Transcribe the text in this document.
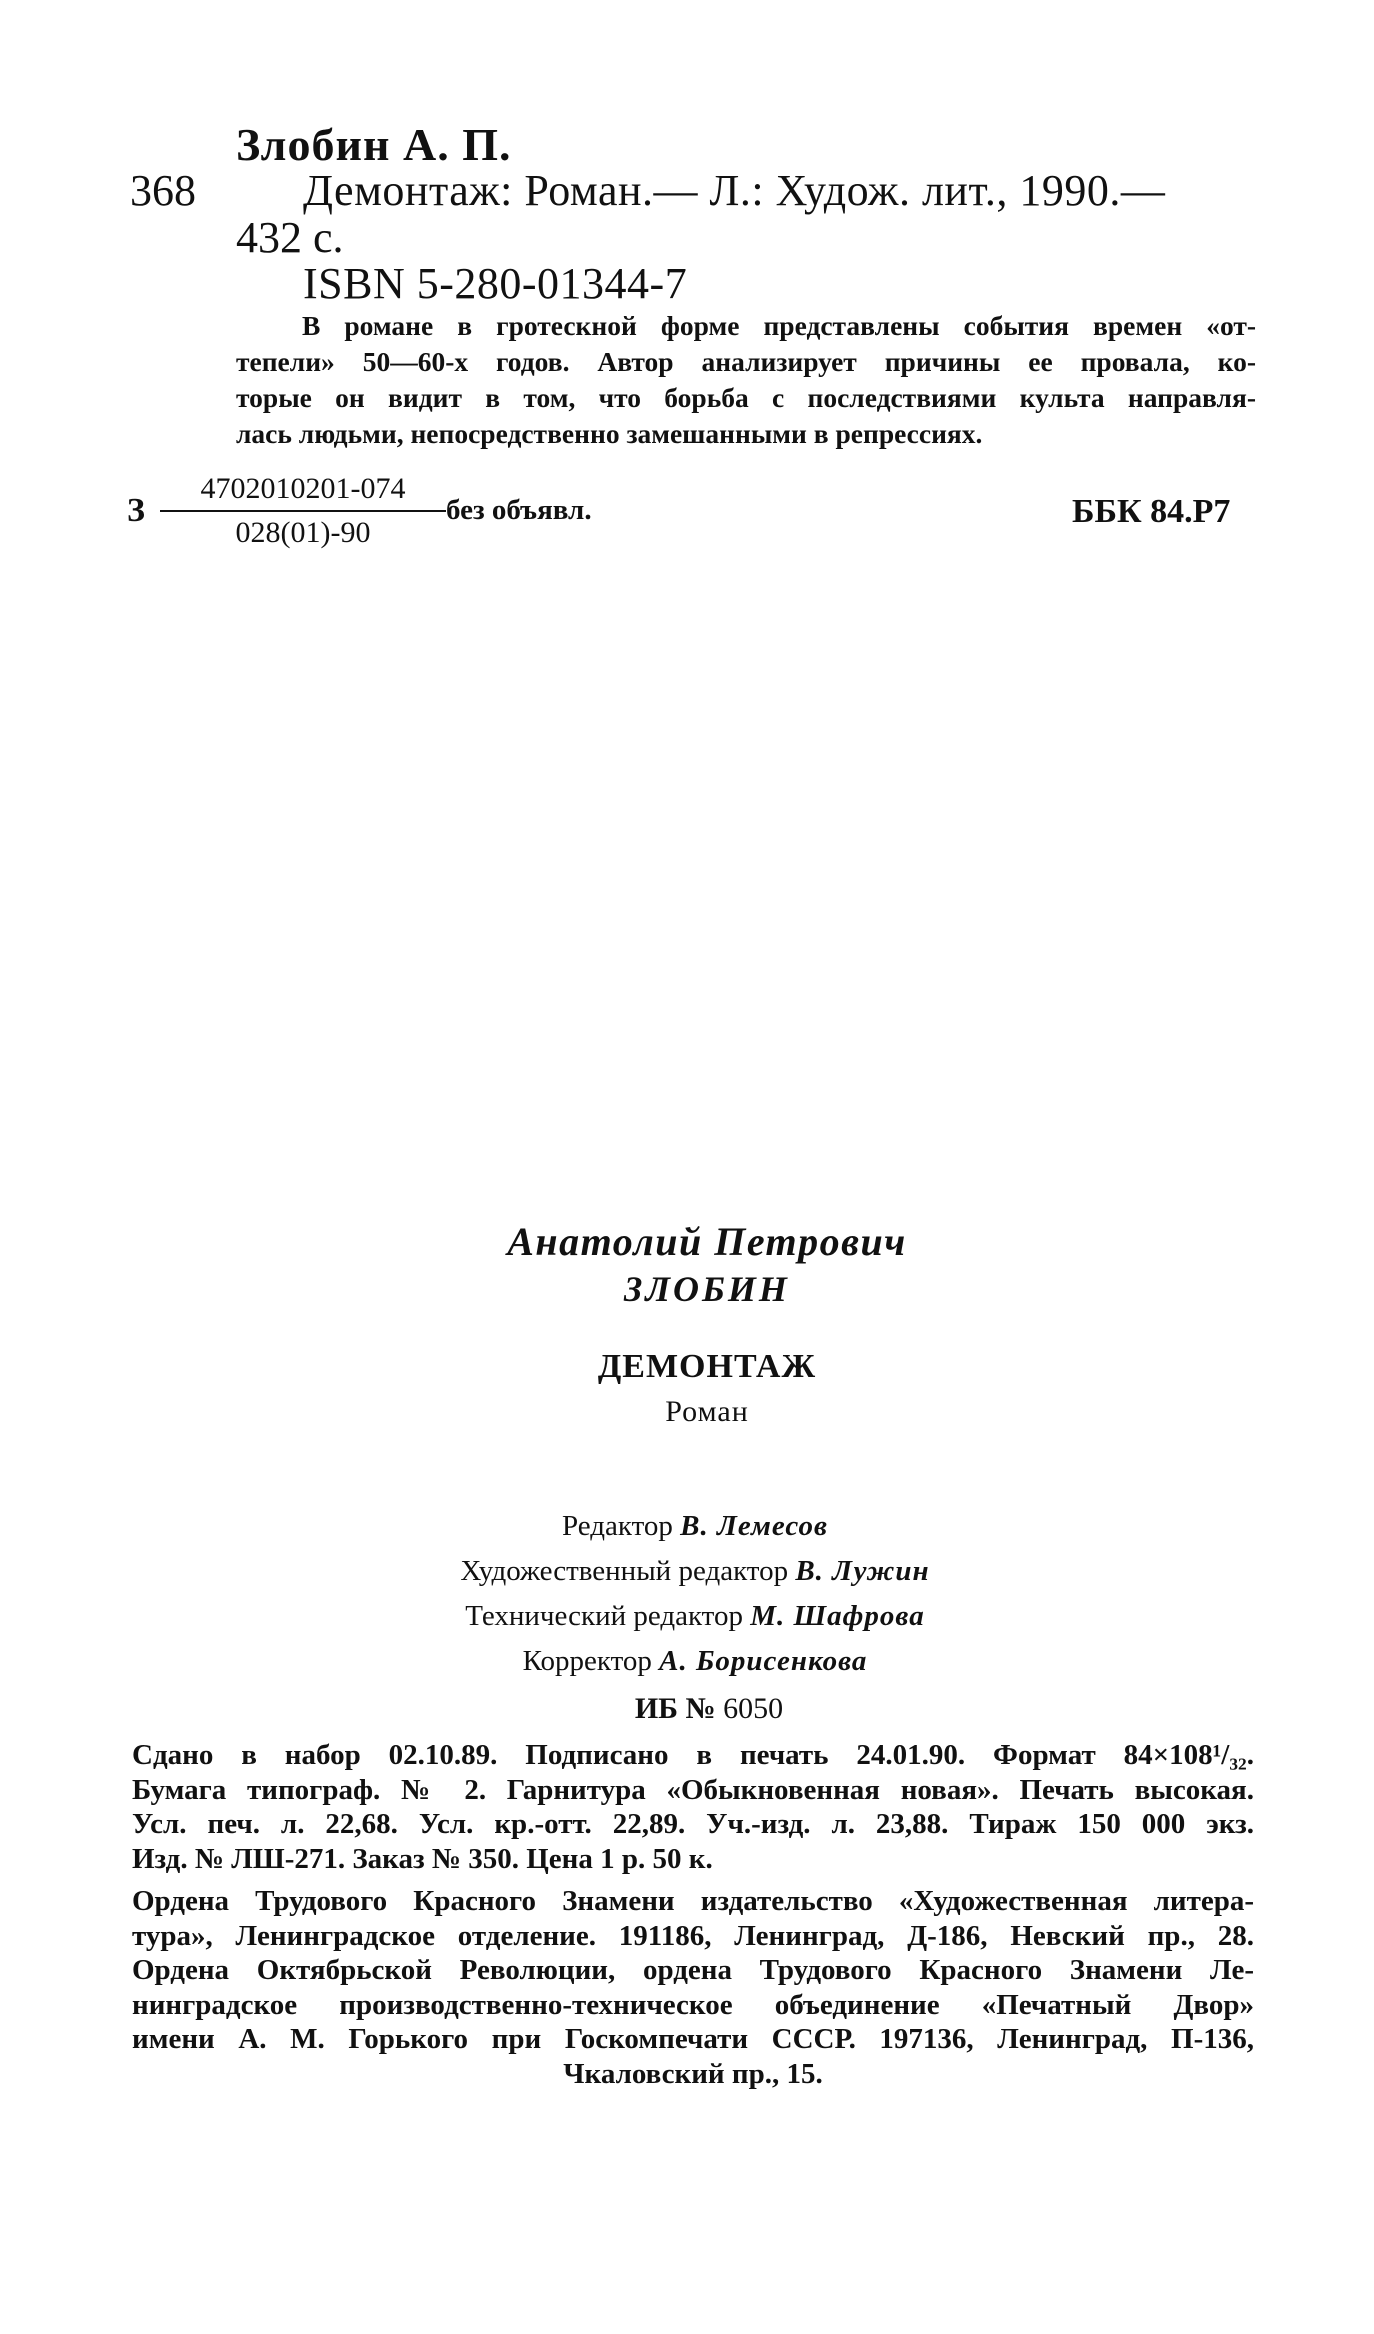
Злобин А. П.
368 Демонтаж: Роман.— Л.: Худож. лит., 1990.—
432 с.
ISBN 5-280-01344-7
В романе в гротескной форме представлены события времен «от-
тепели» 50—60-х годов. Автор анализирует причины ее провала, ко-
торые он видит в том, что борьба с последствиями культа направля-
лась людьми, непосредственно замешанными в репрессиях.
З
4702010201-074
028(01)-90
без объявл.	ББК 84.Р7
Анатолий Петрович
ЗЛОБИН
ДЕМОНТАЖ
Роман
Редактор В. Лемесов
Художественный редактор В. Лужин
Технический редактор М. Шафрова
Корректор А. Борисенкова
ИБ № 6050
Сдано в набор 02.10.89. Подписано в печать 24.01.90. Формат 84×108¹/₃₂.
Бумага типограф. № 2. Гарнитура «Обыкновенная новая». Печать высокая.
Усл. печ. л. 22,68. Усл. кр.-отт. 22,89. Уч.-изд. л. 23,88. Тираж 150 000 экз.
Изд. № ЛШ-271. Заказ № 350. Цена 1 р. 50 к.
Ордена Трудового Красного Знамени издательство «Художественная литера-
тура», Ленинградское отделение. 191186, Ленинград, Д-186, Невский пр., 28.
Ордена Октябрьской Революции, ордена Трудового Красного Знамени Ле-
нинградское производственно-техническое объединение «Печатный Двор»
имени А. М. Горького при Госкомпечати СССР. 197136, Ленинград, П-136,
Чкаловский пр., 15.
